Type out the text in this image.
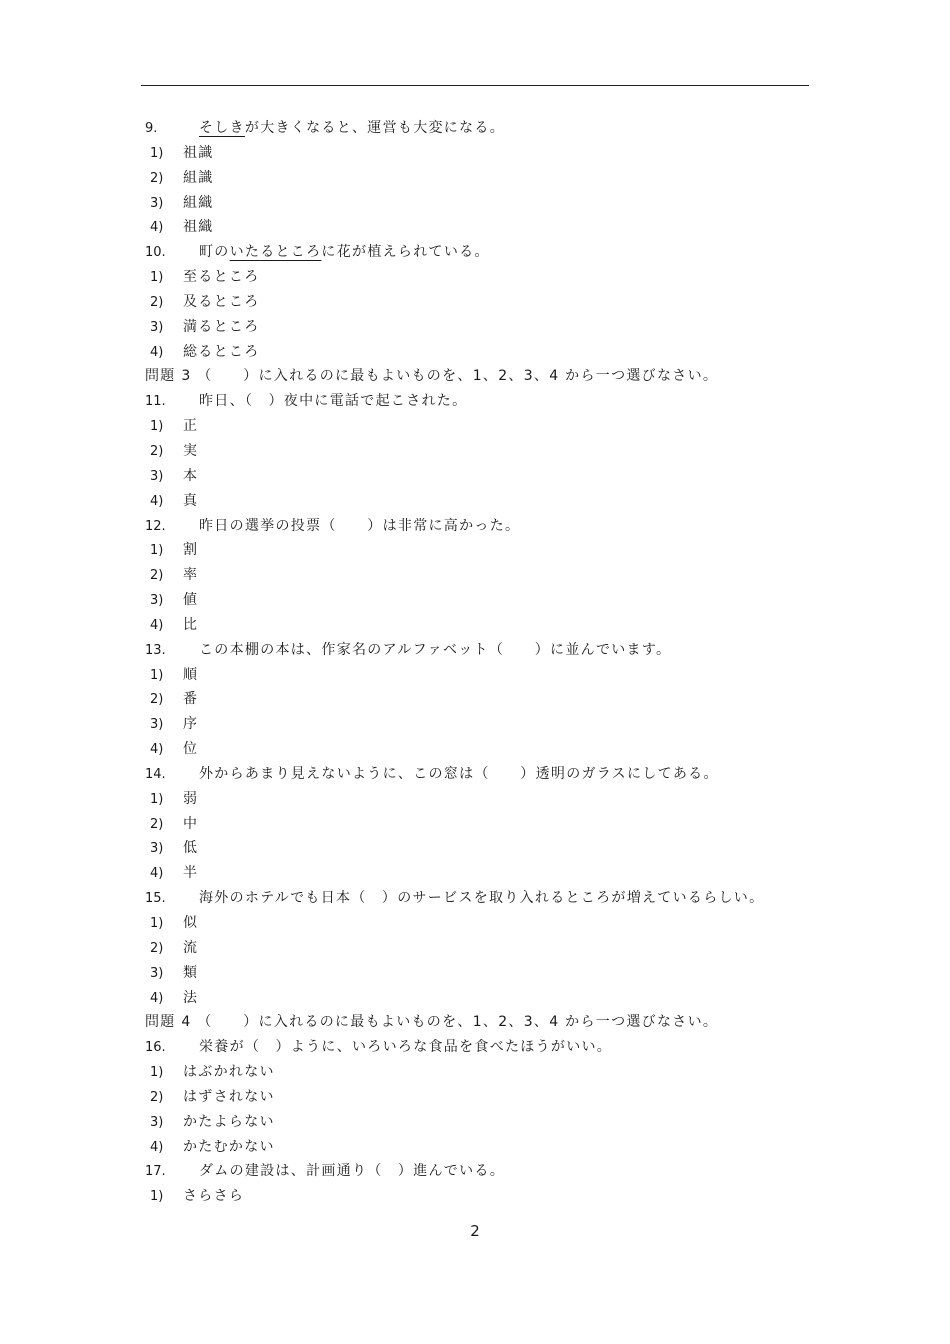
9.	そしきが大きくなると、運営も大変になる。
1) 祖識
2) 組識
3) 組織
4) 祖織
10. 町のいたるところに花が植えられている。
1) 至るところ
2) 及るところ
3) 満るところ
4) 総るところ
問題 3 （　　）に入れるのに最もよいものを、1、2、3、4 から一つ選びなさい。
11. 昨日、（　）夜中に電話で起こされた。
1) 正
2) 実
3) 本
4) 真
12. 昨日の選挙の投票（　　）は非常に高かった。
1) 割
2) 率
3) 値
4) 比
13. この本棚の本は、作家名のアルファベット（　　）に並んでいます。
1) 順
2) 番
3) 序
4) 位
14. 外からあまり見えないように、この窓は（　　）透明のガラスにしてある。
1) 弱
2) 中
3) 低
4) 半
15. 海外のホテルでも日本（　）のサービスを取り入れるところが増えているらしい。
1) 似
2) 流
3) 類
4) 法
問題 4 （　　）に入れるのに最もよいものを、1、2、3、4 から一つ選びなさい。
16. 栄養が（　）ように、いろいろな食品を食べたほうがいい。
1) はぶかれない
2) はずされない
3) かたよらない
4) かたむかない
17. ダムの建設は、計画通り（　）進んでいる。
1) さらさら
2
